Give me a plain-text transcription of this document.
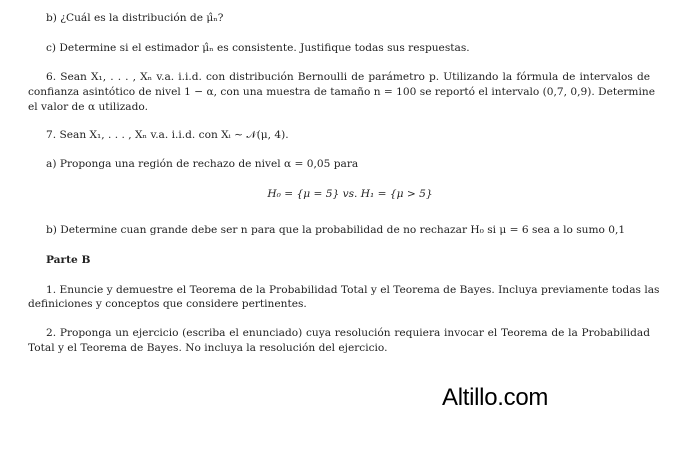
b) ¿Cuál es la distribución de μ̂ₙ?
c) Determine si el estimador μ̂ₙ es consistente. Justifique todas sus respuestas.
6. Sean X₁, . . . , Xₙ v.a. i.i.d. con distribución Bernoulli de parámetro p. Utilizando la fórmula de intervalos de
confianza asintótico de nivel 1 − α, con una muestra de tamaño n = 100 se reportó el intervalo (0,7, 0,9). Determine
el valor de α utilizado.
7. Sean X₁, . . . , Xₙ v.a. i.i.d. con Xᵢ ∼ 𝒩(μ, 4).
a) Proponga una región de rechazo de nivel α = 0,05 para
H₀ = {μ = 5} vs. H₁ = {μ > 5}
b) Determine cuan grande debe ser n para que la probabilidad de no rechazar H₀ si μ = 6 sea a lo sumo 0,1
Parte B
1. Enuncie y demuestre el Teorema de la Probabilidad Total y el Teorema de Bayes. Incluya previamente todas las
definiciones y conceptos que considere pertinentes.
2. Proponga un ejercicio (escriba el enunciado) cuya resolución requiera invocar el Teorema de la Probabilidad
Total y el Teorema de Bayes. No incluya la resolución del ejercicio.
Altillo.com
